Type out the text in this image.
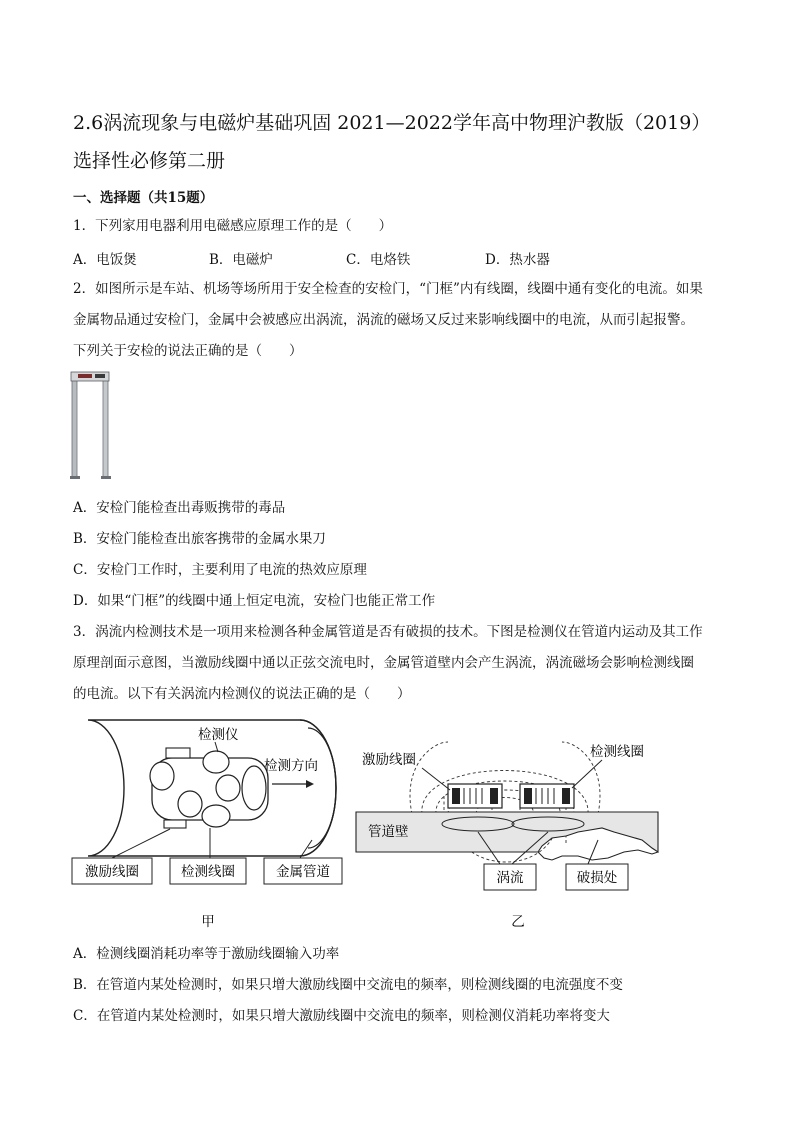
2.6涡流现象与电磁炉基础巩固 2021—2022学年高中物理沪教版（2019）
选择性必修第二册
一、选择题（共15题）
1．下列家用电器利用电磁感应原理工作的是（　　）
A．电饭煲	B．电磁炉	C．电烙铁	D．热水器
2．如图所示是车站、机场等场所用于安全检查的安检门，“门框”内有线圈，线圈中通有变化的电流。如果
金属物品通过安检门，金属中会被感应出涡流，涡流的磁场又反过来影响线圈中的电流，从而引起报警。
下列关于安检的说法正确的是（　　）
A．安检门能检查出毒贩携带的毒品
B．安检门能检查出旅客携带的金属水果刀
C．安检门工作时，主要利用了电流的热效应原理
D．如果“门框”的线圈中通上恒定电流，安检门也能正常工作
3．涡流内检测技术是一项用来检测各种金属管道是否有破损的技术。下图是检测仪在管道内运动及其工作
原理剖面示意图，当激励线圈中通以正弦交流电时，金属管道壁内会产生涡流，涡流磁场会影响检测线圈
的电流。以下有关涡流内检测仪的说法正确的是（　　）
检测仪
检测方向
激励线圈	检测线圈	金属管道
甲
激励线圈	检测线圈
管道壁
涡流	破损处
乙
A．检测线圈消耗功率等于激励线圈输入功率
B．在管道内某处检测时，如果只增大激励线圈中交流电的频率，则检测线圈的电流强度不变
C．在管道内某处检测时，如果只增大激励线圈中交流电的频率，则检测仪消耗功率将变大
